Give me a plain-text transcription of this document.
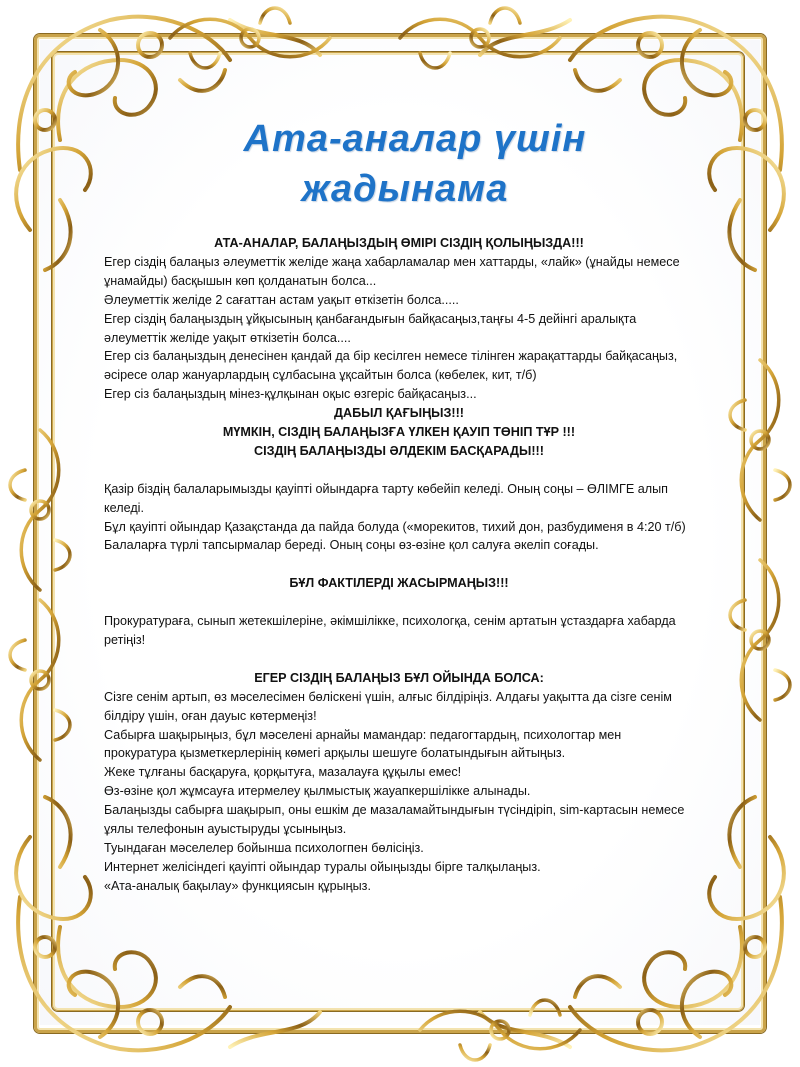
Ата-аналар үшін
жадынама

АТА-АНАЛАР, БАЛАҢЫЗДЫҢ ӨМІРІ СІЗДІҢ ҚОЛЫҢЫЗДА!!!

Егер сіздің балаңыз әлеуметтік желіде жаңа хабарламалар мен хаттарды, «лайк» (ұнайды немесе ұнамайды) басқышын көп қолданатын болса...

Әлеуметтік желіде 2 сағаттан астам уақыт өткізетін болса.....

Егер сіздің балаңыздың ұйқысының қанбағандығын байқасаңыз,таңғы 4-5 дейінгі аралықта әлеуметтік желіде уақыт өткізетін болса....

Егер сіз балаңыздың денесінен қандай да бір кесілген немесе тілінген жарақаттарды байқасаңыз, әсіресе олар жануарлардың сұлбасына ұқсайтын болса (көбелек, кит, т/б)

Егер сіз балаңыздың мінез-құлқынан оқыс өзгеріс байқасаңыз...

ДАБЫЛ ҚАҒЫҢЫЗ!!!

МҮМКІН, СІЗДІҢ БАЛАҢЫЗҒА ҮЛКЕН ҚАУІП ТӨНІП ТҰР !!!

СІЗДІҢ БАЛАҢЫЗДЫ ӘЛДЕКІМ БАСҚАРАДЫ!!!

Қазір біздің балаларымызды қауіпті ойындарға тарту көбейіп келеді. Оның соңы – ӨЛІМГЕ алып келеді.

Бұл қауіпті ойындар Қазақстанда да пайда болуда («морекитов, тихий дон, разбудименя в 4:20 т/б)

Балаларға түрлі тапсырмалар береді. Оның соңы өз-өзіне қол салуға әкеліп соғады.

БҰЛ ФАКТІЛЕРДІ ЖАСЫРМАҢЫЗ!!!

Прокуратураға, сынып жетекшілеріне, әкімшілікке, психологқа, сенім артатын ұстаздарға хабарда ретіңіз!

ЕГЕР СІЗДІҢ БАЛАҢЫЗ БҰЛ ОЙЫНДА БОЛСА:

Сізге сенім артып, өз мәселесімен бөліскені үшін, алғыс білдіріңіз. Алдағы уақытта да сізге сенім білдіру үшін, оған дауыс көтермеңіз!

Сабырға шақырыңыз, бұл мәселені арнайы мамандар: педагогтардың, психологтар мен прокуратура қызметкерлерінің көмегі арқылы шешуге болатындығын айтыңыз.

Жеке тұлғаны басқаруға, қорқытуға, мазалауға құқылы емес!

Өз-өзіне қол жұмсауға итермелеу қылмыстық жауапкершілікке алынады.

Балаңызды сабырға шақырып, оны ешкім де мазаламайтындығын түсіндіріп, sim-картасын немесе ұялы телефонын ауыстыруды ұсыныңыз.

Туындаған мәселелер бойынша психологпен бөлісіңіз.

Интернет желісіндегі қауіпті ойындар туралы ойыңызды бірге талқылаңыз.

«Ата-аналық бақылау» функциясын құрыңыз.
